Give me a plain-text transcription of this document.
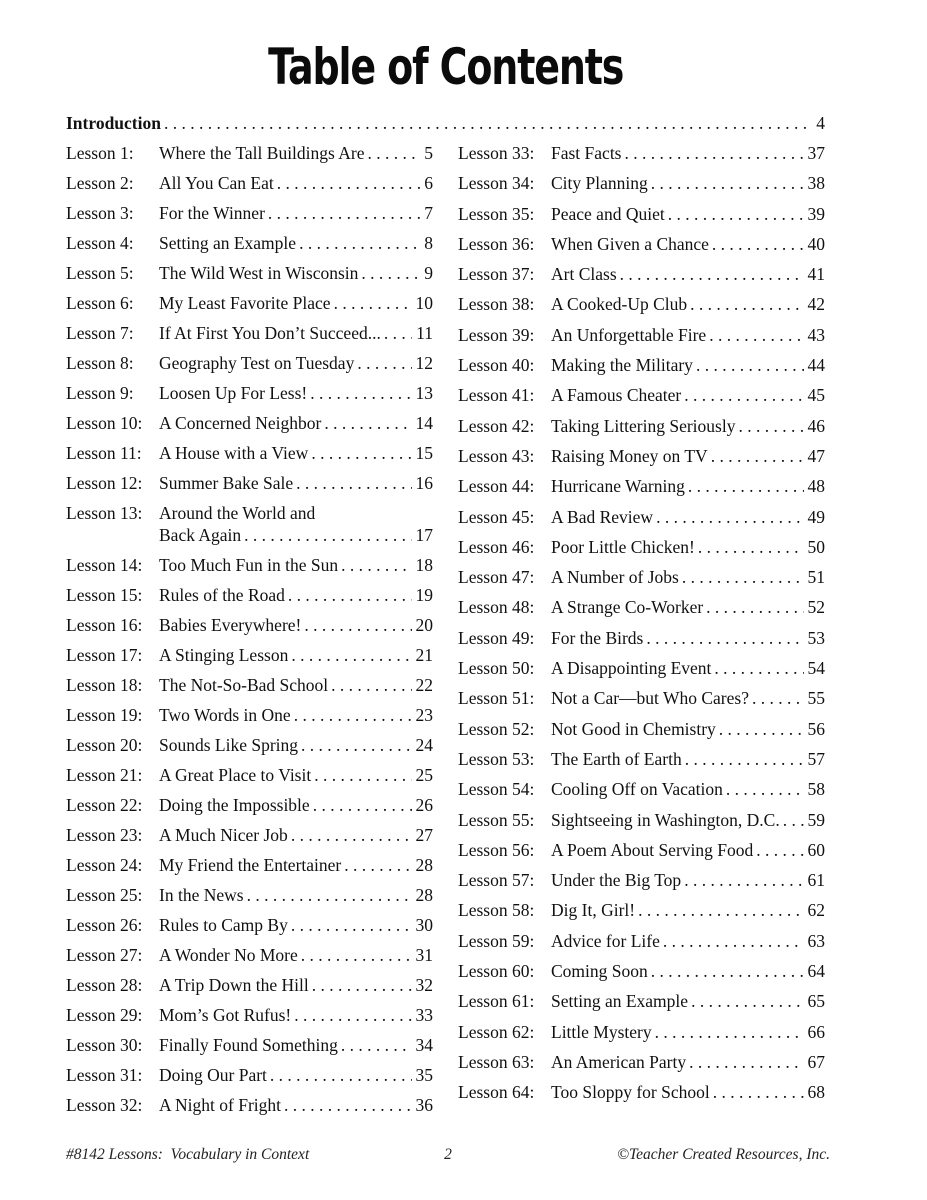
Table of Contents
Introduction . . .	4
Lesson 1:	Where the Tall Buildings Are . . .	5
Lesson 2:	All You Can Eat . . .	6
Lesson 3:	For the Winner . . .	7
Lesson 4:	Setting an Example . . .	8
Lesson 5:	The Wild West in Wisconsin . . .	9
Lesson 6:	My Least Favorite Place . . .	10
Lesson 7:	If At First You Don’t Succeed... . . . 11
Lesson 8:	Geography Test on Tuesday . . .	12
Lesson 9:	Loosen Up For Less! . . .	13
Lesson 10: A Concerned Neighbor . . .	14
Lesson 11: A House with a View . . .	15
Lesson 12: Summer Bake Sale . . .	16
Lesson 13: Around the World and
Back Again . . .	17
Lesson 14: Too Much Fun in the Sun . . .	18
Lesson 15: Rules of the Road . . .	19
Lesson 16: Babies Everywhere! . . .	20
Lesson 17: A Stinging Lesson . . .	21
Lesson 18: The Not-So-Bad School . . .	22
Lesson 19: Two Words in One . . .	23
Lesson 20: Sounds Like Spring . . .	24
Lesson 21: A Great Place to Visit . . .	25
Lesson 22: Doing the Impossible . . .	26
Lesson 23: A Much Nicer Job . . .	27
Lesson 24: My Friend the Entertainer . . .	28
Lesson 25: In the News . . .	28
Lesson 26: Rules to Camp By . . .	30
Lesson 27: A Wonder No More . . .	31
Lesson 28: A Trip Down the Hill . . .	32
Lesson 29: Mom’s Got Rufus! . . .	33
Lesson 30: Finally Found Something . . .	34
Lesson 31: Doing Our Part . . .	35
Lesson 32: A Night of Fright . . .	36
Lesson 33: Fast Facts . . .	37
Lesson 34: City Planning . . .	38
Lesson 35: Peace and Quiet . . .	39
Lesson 36: When Given a Chance . . .	40
Lesson 37: Art Class . . .	41
Lesson 38: A Cooked-Up Club . . .	42
Lesson 39: An Unforgettable Fire . . .	43
Lesson 40: Making the Military . . .	44
Lesson 41: A Famous Cheater . . .	45
Lesson 42: Taking Littering Seriously . . .	46
Lesson 43: Raising Money on TV . . .	47
Lesson 44: Hurricane Warning . . .	48
Lesson 45: A Bad Review . . .	49
Lesson 46: Poor Little Chicken! . . .	50
Lesson 47: A Number of Jobs . . .	51
Lesson 48: A Strange Co-Worker . . .	52
Lesson 49: For the Birds . . .	53
Lesson 50: A Disappointing Event . . .	54
Lesson 51: Not a Car—but Who Cares? . . .	55
Lesson 52: Not Good in Chemistry . . .	56
Lesson 53: The Earth of Earth . . .	57
Lesson 54: Cooling Off on Vacation . . .	58
Lesson 55: Sightseeing in Washington, D.C. . . . 59
Lesson 56: A Poem About Serving Food . . .	60
Lesson 57: Under the Big Top . . .	61
Lesson 58: Dig It, Girl! . . .	62
Lesson 59: Advice for Life . . .	63
Lesson 60: Coming Soon . . .	64
Lesson 61: Setting an Example . . .	65
Lesson 62: Little Mystery . . .	66
Lesson 63: An American Party . . .	67
Lesson 64: Too Sloppy for School . . .	68
#8142 Lessons:  Vocabulary in Context	2	©Teacher Created Resources, Inc.
